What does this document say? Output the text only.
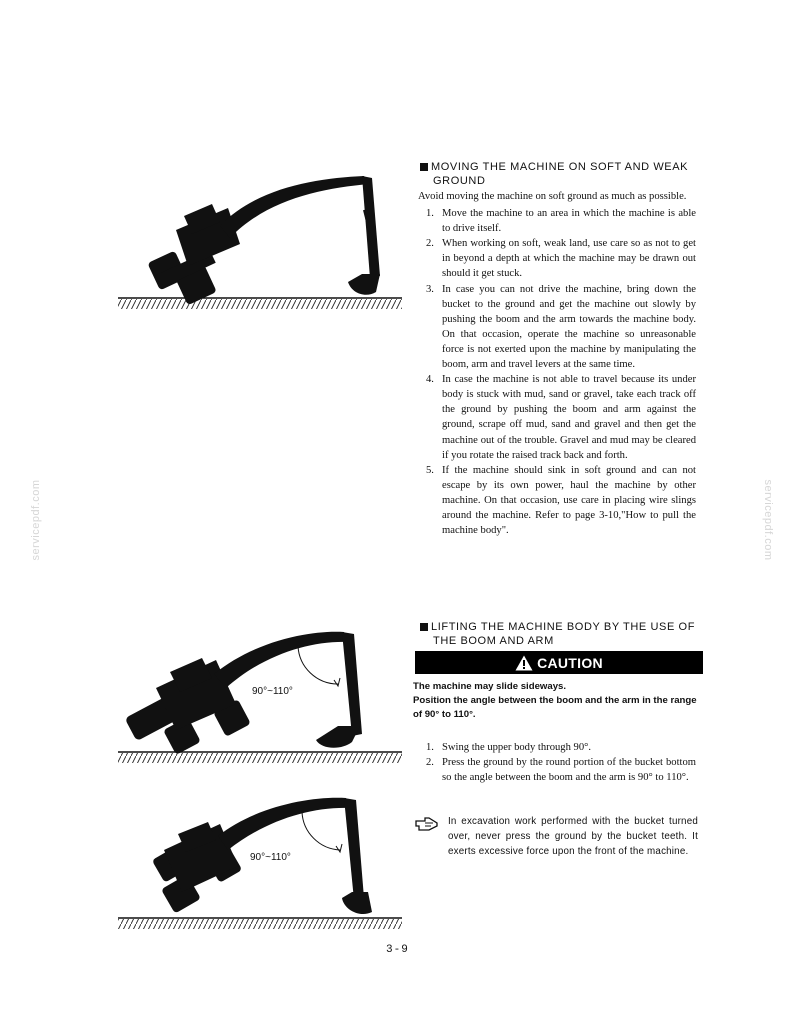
90°~110°
90°~110°
MOVING THE MACHINE ON SOFT AND WEAK
GROUND
Avoid moving the machine on soft ground as much as possible.
1. Move the machine to an area in which the machine is able to drive itself.
2. When working on soft, weak land, use care so as not to get in beyond a depth at which the machine may be drawn out should it get stuck.
3. In case you can not drive the machine, bring down the bucket to the ground and get the machine out slowly by pushing the boom and the arm towards the machine body. On that occasion, operate the machine so unreasonable force is not exerted upon the machine by manipulating the boom, arm and travel levers at the same time.
4. In case the machine is not able to travel because its under body is stuck with mud, sand or gravel, take each track off the ground by pushing the boom and arm against the ground, scrape off mud, sand and gravel and then get the machine out of the trouble. Gravel and mud may be cleared if you rotate the raised track back and forth.
5. If the machine should sink in soft ground and can not escape by its own power, haul the machine by other machine. On that occasion, use care in placing wire slings around the machine. Refer to page 3-10,"How to pull the machine body".
LIFTING THE MACHINE BODY BY THE USE OF
THE BOOM AND ARM
CAUTION
The machine may slide sideways.
Position the angle between the boom and the arm in the range of 90° to 110°.
1. Swing the upper body through 90°.
2. Press the ground by the round portion of the bucket bottom so the angle between the boom and the arm is 90° to 110°.
In excavation work performed with the bucket turned over, never press the ground by the bucket teeth. It exerts excessive force upon the front of the machine.
servicepdf.com	servicepdf.com
3-9
